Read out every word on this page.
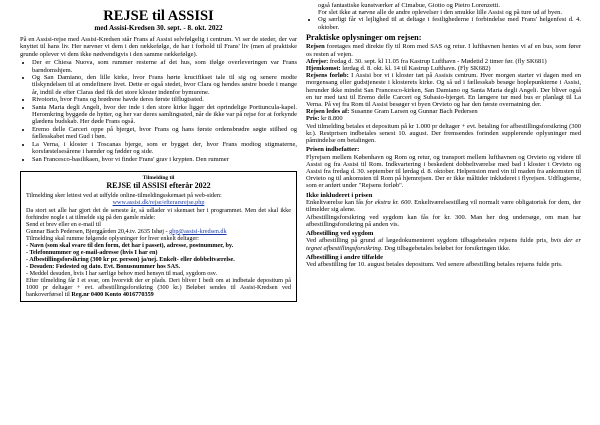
REJSE til ASSISI

med Assisi-Kredsen 30. sept. - 8. okt. 2022

På en Assisi-rejse med Assisi-Kredsen står Frans af Assisi selvfølgelig i centrum. Vi ser de steder, der var knyttet til hans liv. Her nævner vi dem i den rækkefølge, de har i forhold til Frans' liv (men af praktiske grunde oplever vi dem ikke nødvendigvis i den samme rækkefølge).

• Der er Chiesa Nuova, som rummer resterne af det hus, som ifølge overleveringen var Frans barndomshjem.
• Og San Damiano, den lille kirke, hvor Frans hørte krucifikset tale til sig og senere modte tilskyndelsen til at omdefinere livet. Dette er også stedet, hvor Clara og hendes søstre boede i mange år, indtil de efter Claras død fik det store kloster indenfor bymurene.
• Rivotorto, hvor Frans og brødrene havde deres første tilflugtssted.
• Santa Maria degli Angeli, hvor der inde i den store kirke ligger det oprindelige Portiuncula-kapel. Heromkring byggede de hytter, og her var deres samlingssted, når de ikke var på rejse for at forkynde glædens budskab. Her døde Frans også.
• Eremo delle Carceri oppe på bjerget, hvor Frans og hans første ordensbrødre søgte stilhed og fællesskabet med Gud i bøn.
• La Verna, i kloster i Toscanas bjerge, som er bygget der, hvor Frans modtog stigmaterne, korsfæstelsesårene i hænder og fødder og side.
• San Francesco-basilikaen, hvor vi finder Frans' grav i krypten. Den rummer

Tilmelding til

REJSE til ASSISI efterår 2022

Tilmelding sker lettest ved at udfylde online-tilmeldingsskemaet på web-siden:

www.assisi.dk/rejse/efterarsrejse.php

Da stort set alle har gjort det de seneste år, så udlader vi skemaet her i programmet. Men det skal ikke forhindre nogle i at tilmelde sig på den gamle måde:

Send et brev eller en e-mail til

Gunnar Bach Pedersen, Bjerggården 20,4.tv. 2635 Ishøj - gbp@assisi-kredsen.dk

Tilmelding skal rumme følgende oplysninger for hver enkelt deltager:

- Navn (som skal svare til den form, det har i passet), adresse, postnummer, by.

- Telefonnummer og e-mail-adresse (hvis I har en)

- Afbestillingsforsikring (300 kr pr. person) ja/nej. Enkelt- eller dobbeltværelse.

- Desuden: Fødested og dato. Evt. Bonusnummer hos SAS.

- Meddel desuden, hvis I har særlige behov med hensyn til mad, sygdom osv.

Efter tilmelding får I et svar, om hvorvidt der er plads. Deri bliver I bedt om at indbetale depositum på 1000 pr deltager + evt. afbestillingsforsikring (300 kr.) Beløbet sendes til Assisi-Kredsen ved bankoverførsel til Reg.nr 0400 Konto 4016770359

også fantastiske kunstværker af Cimabue, Giotto og Pietro Lorenzetti.

For slet ikke at nævne alle de andre oplevelser i den smukke lille Assisi og på ture ud af byen.

• Og særligt får vi lejlighed til at deltage i festlighederne i forbindelse med Frans' helgenfest d. 4. oktober.

Praktiske oplysninger om rejsen:

Rejsen foretages med direkte fly til Rom med SAS og retur. I lufthavnen hentes vi af en bus, som fører os resten af vejen.

Afrejse: fredag d. 30. sept. kl 11.05 fra Kastrup Lufthavn - Mødetid 2 timer før. (fly SK681)

Hjemkomst: lørdag d. 8. okt. kl. 14 til Kastrup Lufthavn. (Fly SK682)

Rejsens forløb: I Assisi bor vi i kloster tæt på Assisis centrum. Hver morgen starter vi dagen med en morgensang eller gudstjeneste i klosterets kirke. Og så ud i fællesskab besøge hoplepunkterne i Assisi, herunder ikke mindst San Francesco-kirken, San Damiano og Santa Maria degli Angeli. Der bliver også en tur med taxi til Eremo delle Carceri og Subasio-bjerget. En længere tur med bus er planlagt til La Verna. På vej fra Rom til Assisi besøger vi byen Orvieto og har den første overnatning der.

Rejsen ledes af: Susanne Gram Larsen og Gunnar Bach Pedersen

Pris: kr 8.800

Ved tilmelding betales et depositum på kr 1.000 pr deltager + evt. betaling for afbestillingsforsikring (300 kr.). Restprisen indbetales senest 10. august. Der fremsendes forinden supplerende oplysninger med påmindelse om betalingen.

Prisen indbefatter:

Flyrejsen mellem København og Rom og retur, og transport mellem lufthavnen og Orvieto og videre til Assisi og fra Assisi til Rom. Indkvartering i beskedent dobbeltværelse med bad i kloster i Orvieto og Assisi fra fredag d. 30. september til lørdag d. 8. oktober. Helpension med vin til maden fra ankomsten til Orvieto og til ankomsten til Rom på hjemrejsen. Der er ikke måltider inkluderet i flyrejsen. Udflugterne, som er anført under "Rejsens forløb".

Ikke inkluderet i prisen

Enkeltværelse kan fås for ekstra kr. 600. Enkeltværelsestillæg vil normalt være obligatorisk for dem, der tilmelder sig alene.

Afbestillingsforsikring ved sygdom kan fås for kr. 300. Man her dog undersøge, om man har afbestillingsforsikring på anden vis.

Afbestilling ved sygdom

Ved afbestilling på grund af lægedokumenteret sygdom tilbagebetales rejsens fulde pris, hvis der er tegnet afbestillingsforsikring. Dog tilbagebetales beløbet for forsikringen ikke.

Afbestilling i andre tilfælde

Ved afbestilling før 10. august betales depositum. Ved senere afbestilling betales rejsens fulde pris.
